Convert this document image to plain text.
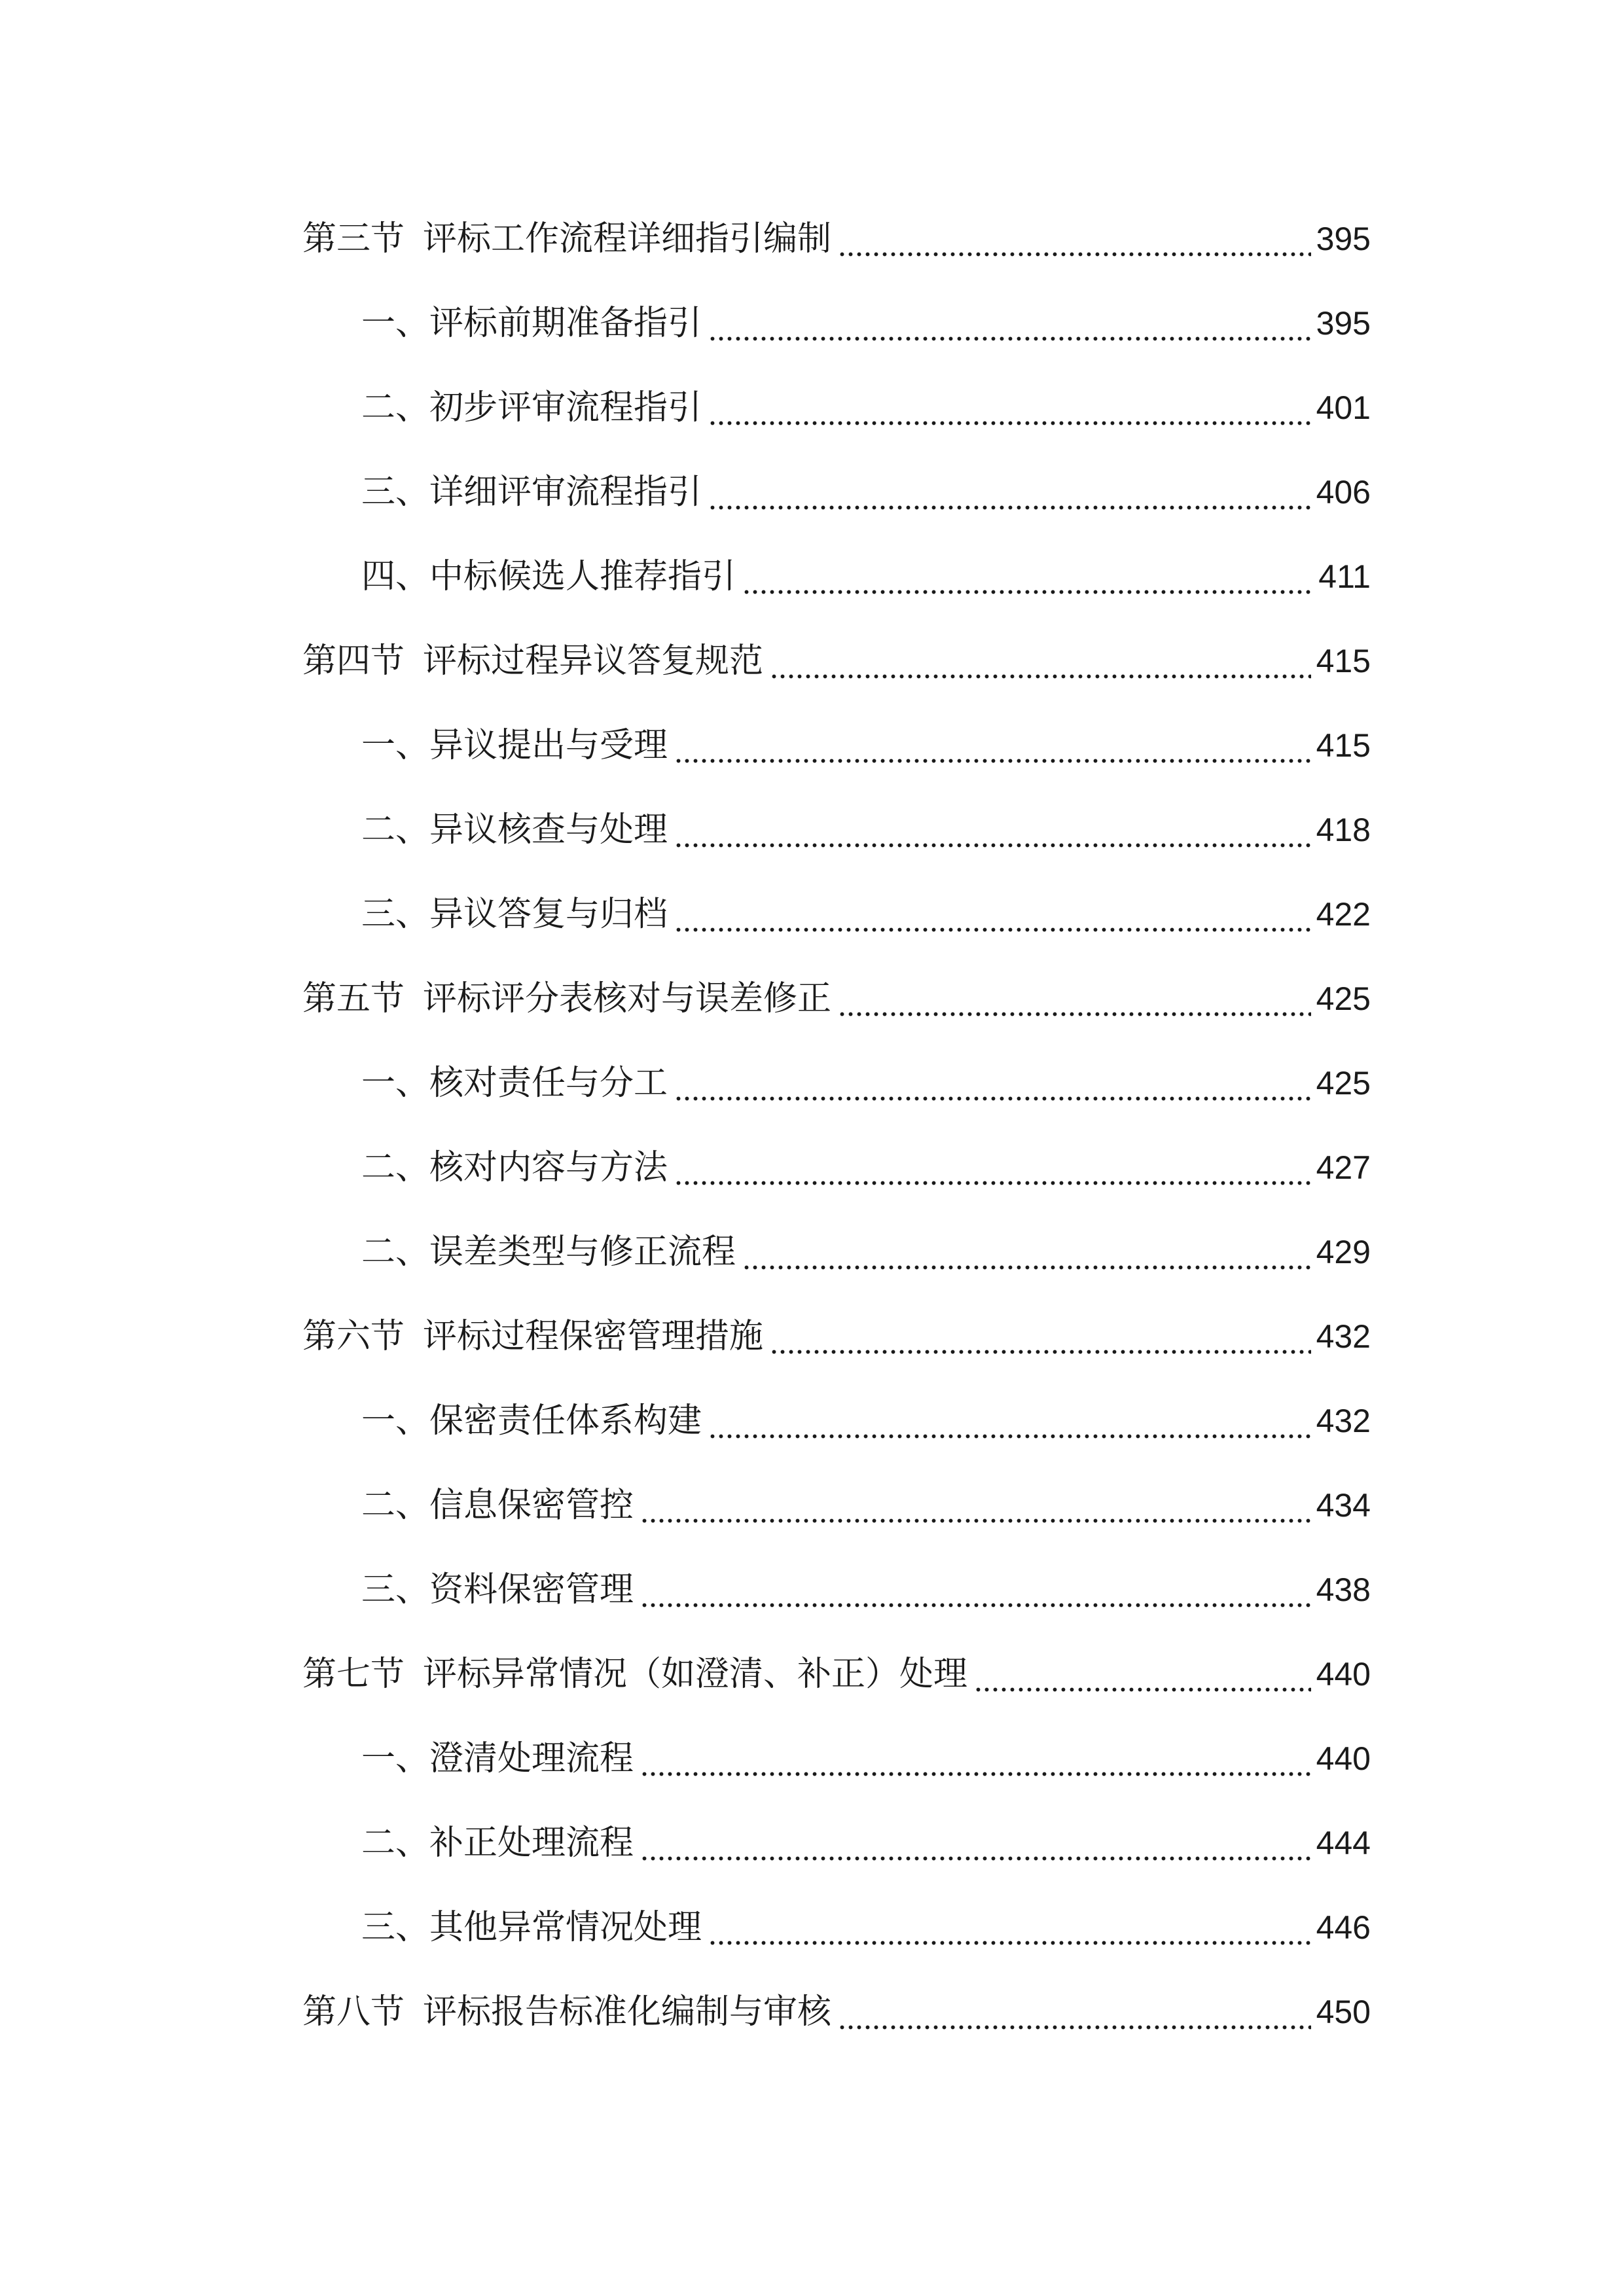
第三节 评标工作流程详细指引编制	395
一、评标前期准备指引	395
二、初步评审流程指引	401
三、详细评审流程指引	406
四、中标候选人推荐指引	411
第四节 评标过程异议答复规范	415
一、异议提出与受理	415
二、异议核查与处理	418
三、异议答复与归档	422
第五节 评标评分表核对与误差修正	425
一、核对责任与分工	425
二、核对内容与方法	427
二、误差类型与修正流程	429
第六节 评标过程保密管理措施	432
一、保密责任体系构建	432
二、信息保密管控	434
三、资料保密管理	438
第七节 评标异常情况（如澄清、补正）处理	440
一、澄清处理流程	440
二、补正处理流程	444
三、其他异常情况处理	446
第八节 评标报告标准化编制与审核	450
